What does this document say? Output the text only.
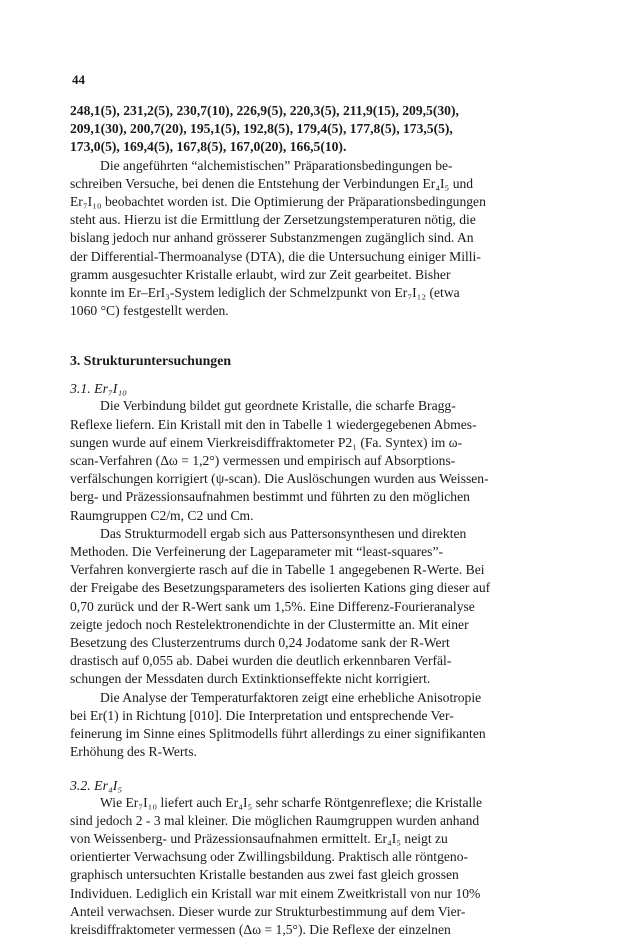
44
248,1(5), 231,2(5), 230,7(10), 226,9(5), 220,3(5), 211,9(15), 209,5(30),
209,1(30), 200,7(20), 195,1(5), 192,8(5), 179,4(5), 177,8(5), 173,5(5),
173,0(5), 169,4(5), 167,8(5), 167,0(20), 166,5(10).
Die angeführten “alchemistischen” Präparationsbedingungen be-
schreiben Versuche, bei denen die Entstehung der Verbindungen Er₄I₅ und
Er₇I₁₀ beobachtet worden ist. Die Optimierung der Präparationsbedingungen
steht aus. Hierzu ist die Ermittlung der Zersetzungstemperaturen nötig, die
bislang jedoch nur anhand grösserer Substanzmengen zugänglich sind. An
der Differential-Thermoanalyse (DTA), die die Untersuchung einiger Milli-
gramm ausgesuchter Kristalle erlaubt, wird zur Zeit gearbeitet. Bisher
konnte im Er–ErI₃-System lediglich der Schmelzpunkt von Er₇I₁₂ (etwa
1060 °C) festgestellt werden.
3. Strukturuntersuchungen
3.1. Er₇I₁₀
Die Verbindung bildet gut geordnete Kristalle, die scharfe Bragg-
Reflexe liefern. Ein Kristall mit den in Tabelle 1 wiedergegebenen Abmes-
sungen wurde auf einem Vierkreisdiffraktometer P2₁ (Fa. Syntex) im ω-
scan-Verfahren (Δω = 1,2°) vermessen und empirisch auf Absorptions-
verfälschungen korrigiert (ψ-scan). Die Auslöschungen wurden aus Weissen-
berg- und Präzessionsaufnahmen bestimmt und führten zu den möglichen
Raumgruppen C2/m, C2 und Cm.
Das Strukturmodell ergab sich aus Pattersonsynthesen und direkten
Methoden. Die Verfeinerung der Lageparameter mit “least-squares”-
Verfahren konvergierte rasch auf die in Tabelle 1 angegebenen R-Werte. Bei
der Freigabe des Besetzungsparameters des isolierten Kations ging dieser auf
0,70 zurück und der R-Wert sank um 1,5%. Eine Differenz-Fourieranalyse
zeigte jedoch noch Restelektronendichte in der Clustermitte an. Mit einer
Besetzung des Clusterzentrums durch 0,24 Jodatome sank der R-Wert
drastisch auf 0,055 ab. Dabei wurden die deutlich erkennbaren Verfäl-
schungen der Messdaten durch Extinktionseffekte nicht korrigiert.
Die Analyse der Temperaturfaktoren zeigt eine erhebliche Anisotropie
bei Er(1) in Richtung [010]. Die Interpretation und entsprechende Ver-
feinerung im Sinne eines Splitmodells führt allerdings zu einer signifikanten
Erhöhung des R-Werts.
3.2. Er₄I₅
Wie Er₇I₁₀ liefert auch Er₄I₅ sehr scharfe Röntgenreflexe; die Kristalle
sind jedoch 2 - 3 mal kleiner. Die möglichen Raumgruppen wurden anhand
von Weissenberg- und Präzessionsaufnahmen ermittelt. Er₄I₅ neigt zu
orientierter Verwachsung oder Zwillingsbildung. Praktisch alle röntgeno-
graphisch untersuchten Kristalle bestanden aus zwei fast gleich grossen
Individuen. Lediglich ein Kristall war mit einem Zweitkristall von nur 10%
Anteil verwachsen. Dieser wurde zur Strukturbestimmung auf dem Vier-
kreisdiffraktometer vermessen (Δω = 1,5°). Die Reflexe der einzelnen
